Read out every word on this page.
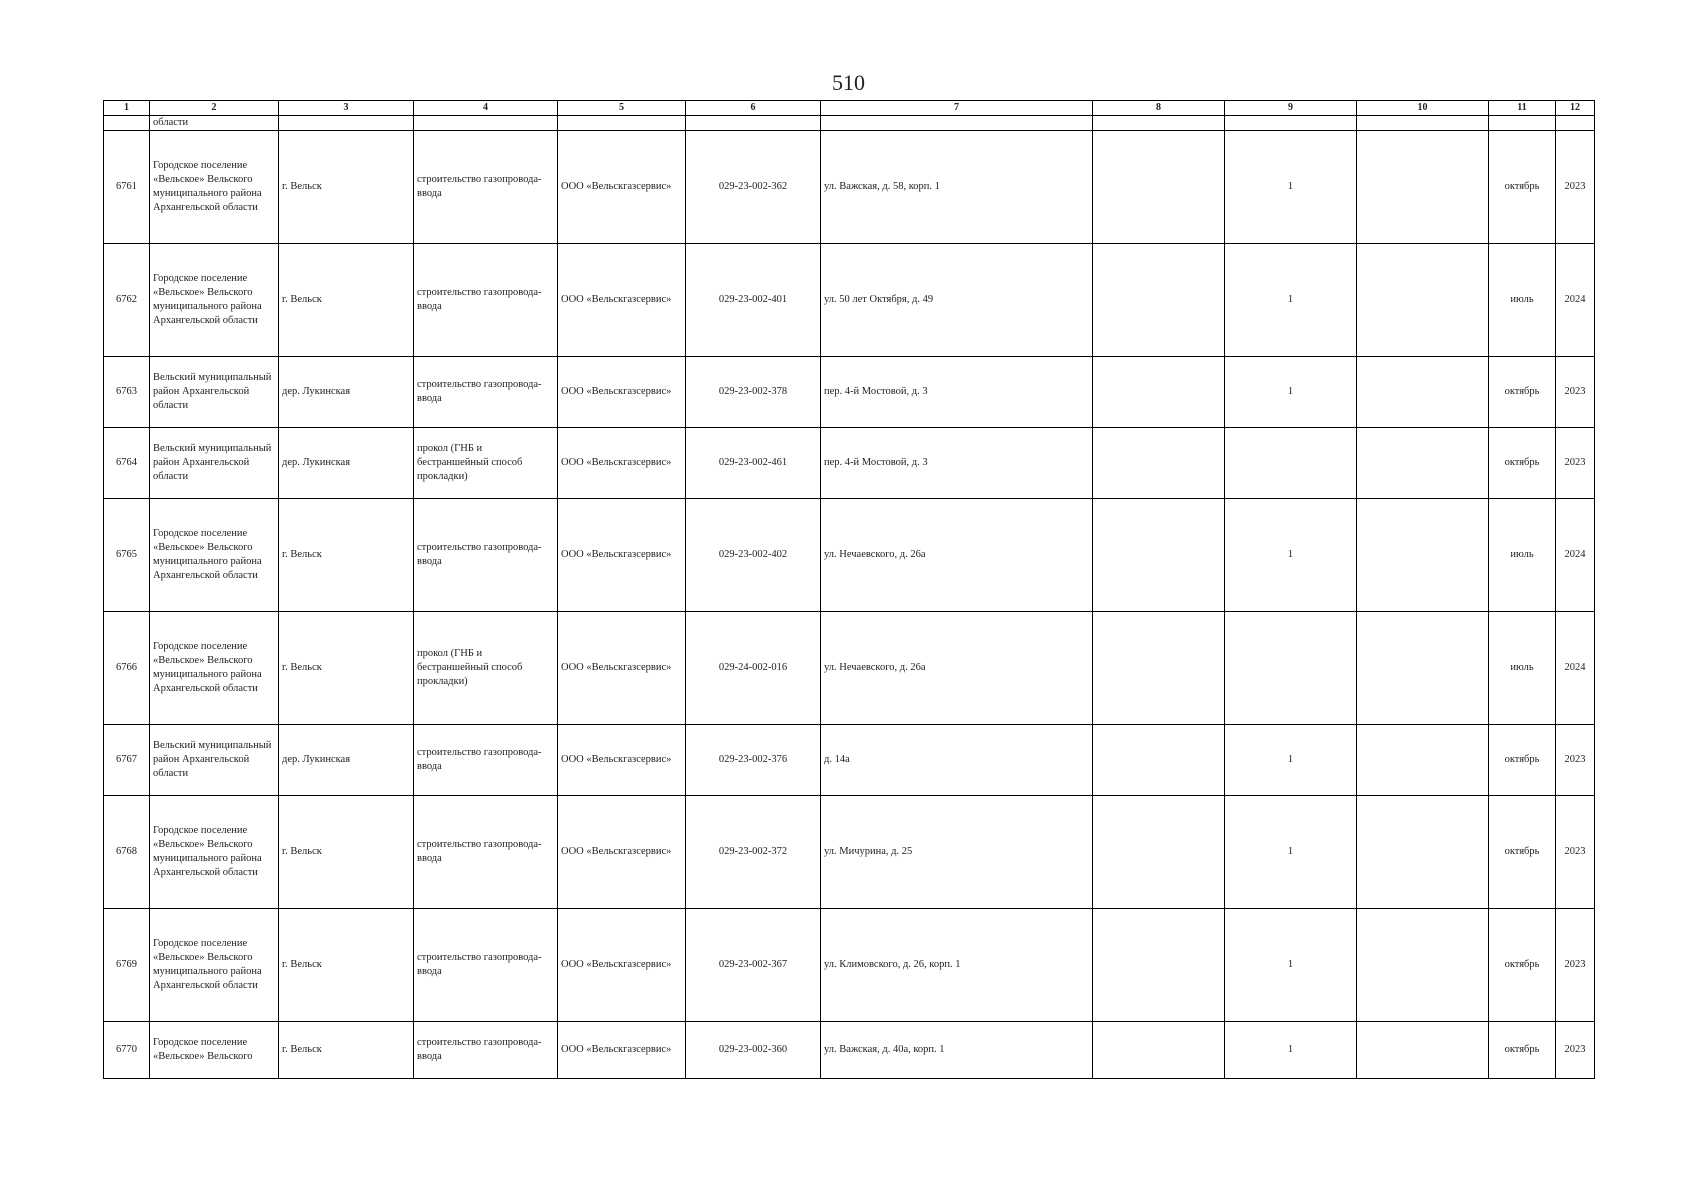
510
1	2	3	4	5	6	7	8	9	10	11	12
	области										
6761	Городское поселение «Вельское» Вельского муниципального района Архангельской области	г. Вельск	строительство газопровода-ввода	ООО «Вельскгазсервис»	029-23-002-362	ул. Важская, д. 58, корп. 1		1		октябрь	2023
6762	Городское поселение «Вельское» Вельского муниципального района Архангельской области	г. Вельск	строительство газопровода-ввода	ООО «Вельскгазсервис»	029-23-002-401	ул. 50 лет Октября, д. 49		1		июль	2024
6763	Вельский муниципальный район Архангельской области	дер. Лукинская	строительство газопровода-ввода	ООО «Вельскгазсервис»	029-23-002-378	пер. 4-й Мостовой, д. 3		1		октябрь	2023
6764	Вельский муниципальный район Архангельской области	дер. Лукинская	прокол (ГНБ и бестраншейный способ прокладки)	ООО «Вельскгазсервис»	029-23-002-461	пер. 4-й Мостовой, д. 3				октябрь	2023
6765	Городское поселение «Вельское» Вельского муниципального района Архангельской области	г. Вельск	строительство газопровода-ввода	ООО «Вельскгазсервис»	029-23-002-402	ул. Нечаевского, д. 26а		1		июль	2024
6766	Городское поселение «Вельское» Вельского муниципального района Архангельской области	г. Вельск	прокол (ГНБ и бестраншейный способ прокладки)	ООО «Вельскгазсервис»	029-24-002-016	ул. Нечаевского, д. 26а				июль	2024
6767	Вельский муниципальный район Архангельской области	дер. Лукинская	строительство газопровода-ввода	ООО «Вельскгазсервис»	029-23-002-376	д. 14а		1		октябрь	2023
6768	Городское поселение «Вельское» Вельского муниципального района Архангельской области	г. Вельск	строительство газопровода-ввода	ООО «Вельскгазсервис»	029-23-002-372	ул. Мичурина, д. 25		1		октябрь	2023
6769	Городское поселение «Вельское» Вельского муниципального района Архангельской области	г. Вельск	строительство газопровода-ввода	ООО «Вельскгазсервис»	029-23-002-367	ул. Климовского, д. 26, корп. 1		1		октябрь	2023
6770	Городское поселение «Вельское» Вельского	г. Вельск	строительство газопровода-ввода	ООО «Вельскгазсервис»	029-23-002-360	ул. Важская, д. 40а, корп. 1		1		октябрь	2023
